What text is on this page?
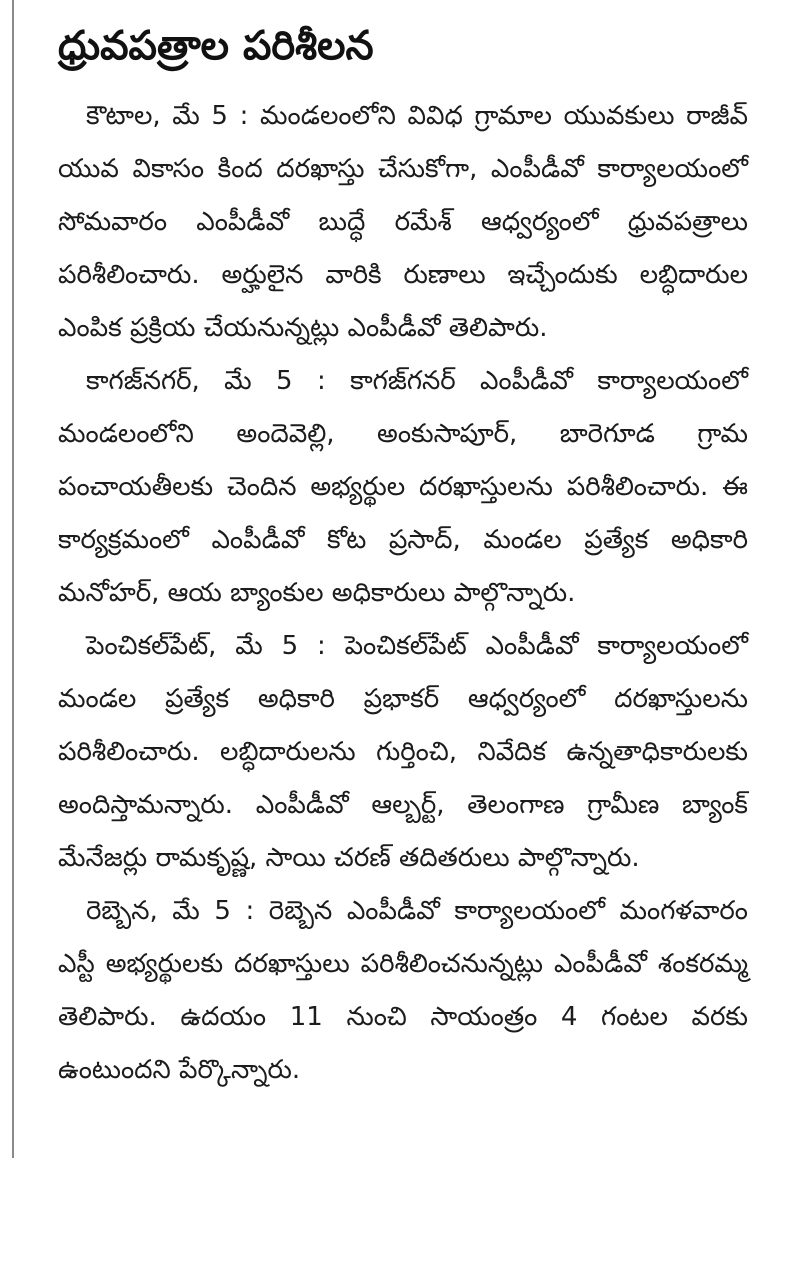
ధ్రువపత్రాల పరిశీలన

కౌటాల, మే 5 : మండలంలోని వివిధ గ్రామాల యువకులు రాజీవ్ యువ వికాసం కింద దరఖాస్తు చేసుకోగా, ఎంపీడీవో కార్యాలయంలో సోమవారం ఎంపీడీవో బుద్ధే రమేశ్ ఆధ్వర్యంలో ధ్రువపత్రాలు పరిశీలించారు. అర్హులైన వారికి రుణాలు ఇచ్చేందుకు లబ్ధిదారుల ఎంపిక ప్రక్రియ చేయనున్నట్లు ఎంపీడీవో తెలిపారు.

కాగజ్‌నగర్, మే 5 : కాగజ్‌గనర్ ఎంపీడీవో కార్యాలయంలో మండలంలోని అందెవెల్లి, అంకుసాపూర్, బారెగూడ గ్రామ పంచాయతీలకు చెందిన అభ్యర్థుల దరఖాస్తులను పరిశీలించారు. ఈ కార్యక్రమంలో ఎంపీడీవో కోట ప్రసాద్, మండల ప్రత్యేక అధికారి మనోహర్, ఆయ బ్యాంకుల అధికారులు పాల్గొన్నారు.

పెంచికల్‌పేట్, మే 5 : పెంచికల్‌పేట్ ఎంపీడీవో కార్యాలయంలో మండల ప్రత్యేక అధికారి ప్రభాకర్ ఆధ్వర్యంలో దరఖాస్తులను పరిశీలించారు. లబ్ధిదారులను గుర్తించి, నివేదిక ఉన్నతాధికారులకు అందిస్తామన్నారు. ఎంపీడీవో ఆల్బర్ట్, తెలంగాణ గ్రామీణ బ్యాంక్ మేనేజర్లు రామకృష్ణ, సాయి చరణ్ తదితరులు పాల్గొన్నారు.

రెబ్బెన, మే 5 : రెబ్బెన ఎంపీడీవో కార్యాలయంలో మంగళవారం ఎస్టీ అభ్యర్థులకు దరఖాస్తులు పరిశీలించనున్నట్లు ఎంపీడీవో శంకరమ్మ తెలిపారు. ఉదయం 11 నుంచి సాయంత్రం 4 గంటల వరకు ఉంటుందని పేర్కొన్నారు.
